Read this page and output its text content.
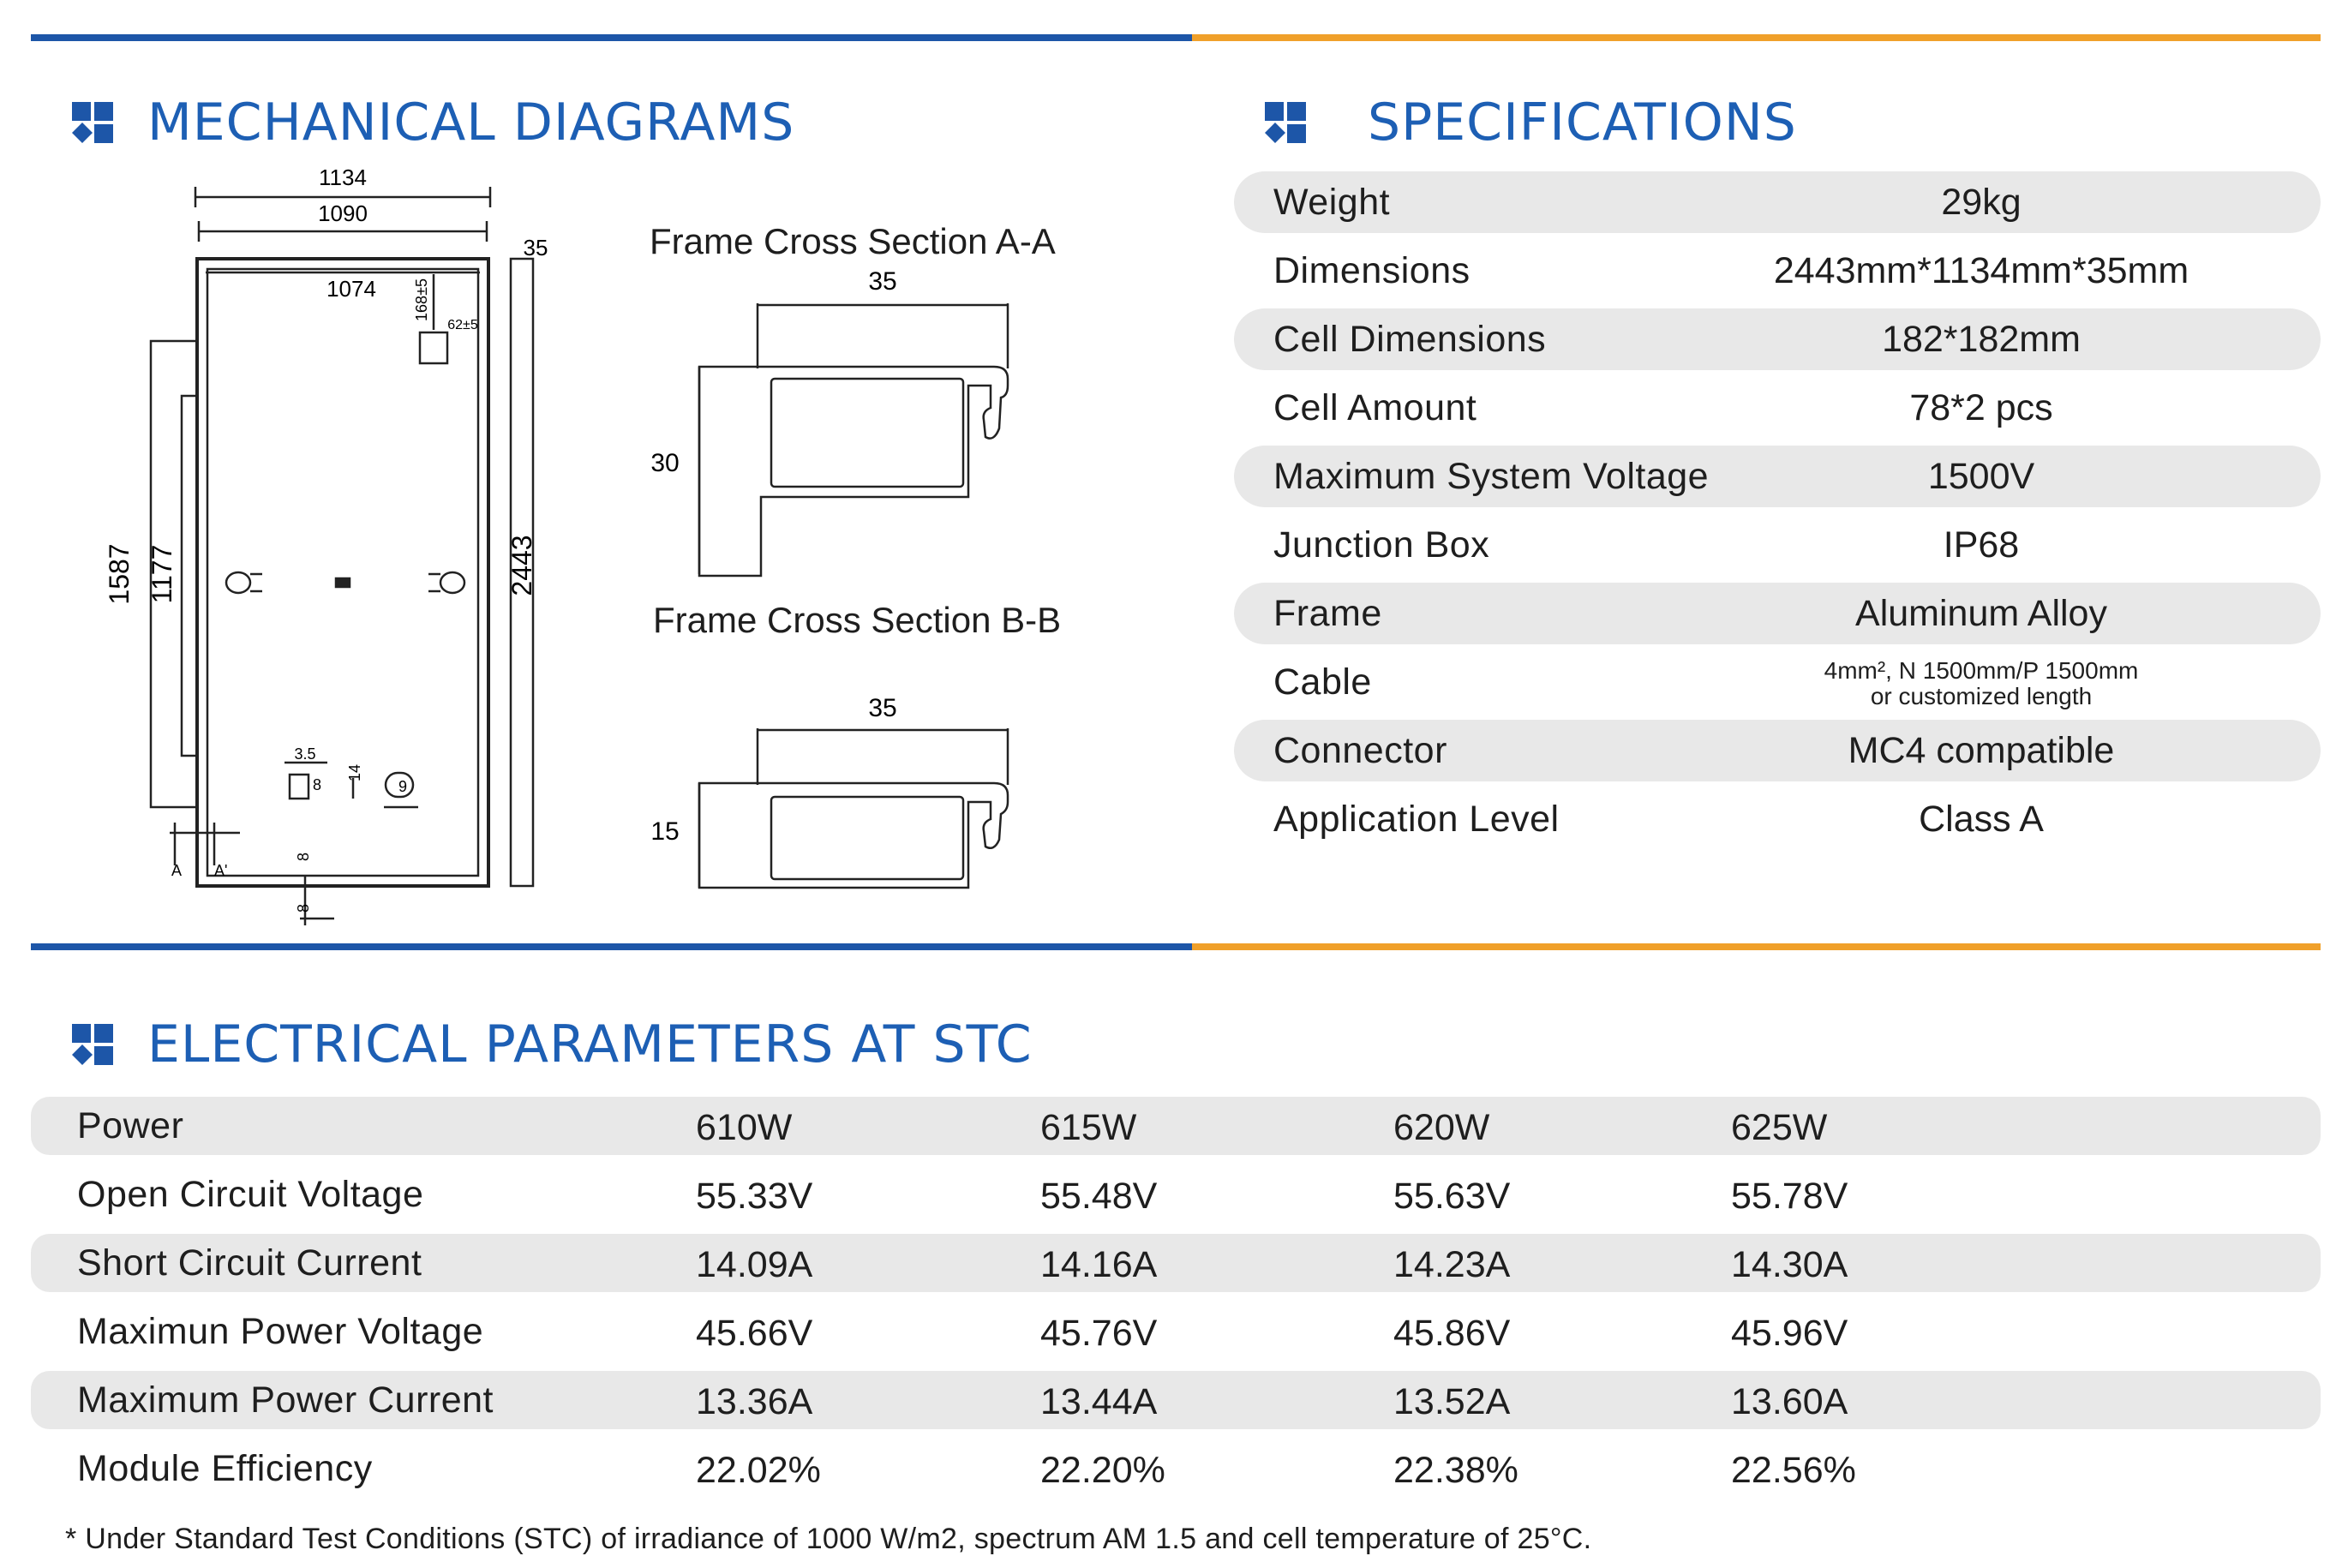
MECHANICAL DIAGRAMS	SPECIFICATIONS
1134
1090
1074
35
1587 1177	2443
168±5
62±5
3.5
8
14
9
A A'
8
8
Frame Cross Section A-A
Frame Cross Section B-B
35
30
35
15
Weight	29kg
Dimensions	2443mm*1134mm*35mm
Cell Dimensions	182*182mm
Cell Amount	78*2 pcs
Maximum System Voltage	1500V
Junction Box	IP68
Frame	Aluminum Alloy
Cable	4mm², N 1500mm/P 1500mm
or customized length
Connector	MC4 compatible
Application Level	Class A
ELECTRICAL PARAMETERS AT STC
Power	610W	615W	620W	625W
Open Circuit Voltage	55.33V	55.48V	55.63V	55.78V
Short Circuit Current	14.09A	14.16A	14.23A	14.30A
Maximun Power Voltage	45.66V	45.76V	45.86V	45.96V
Maximum Power Current	13.36A	13.44A	13.52A	13.60A
Module Efficiency	22.02%	22.20%	22.38%	22.56%
* Under Standard Test Conditions (STC) of irradiance of 1000 W/m2, spectrum AM 1.5 and cell temperature of 25°C.
